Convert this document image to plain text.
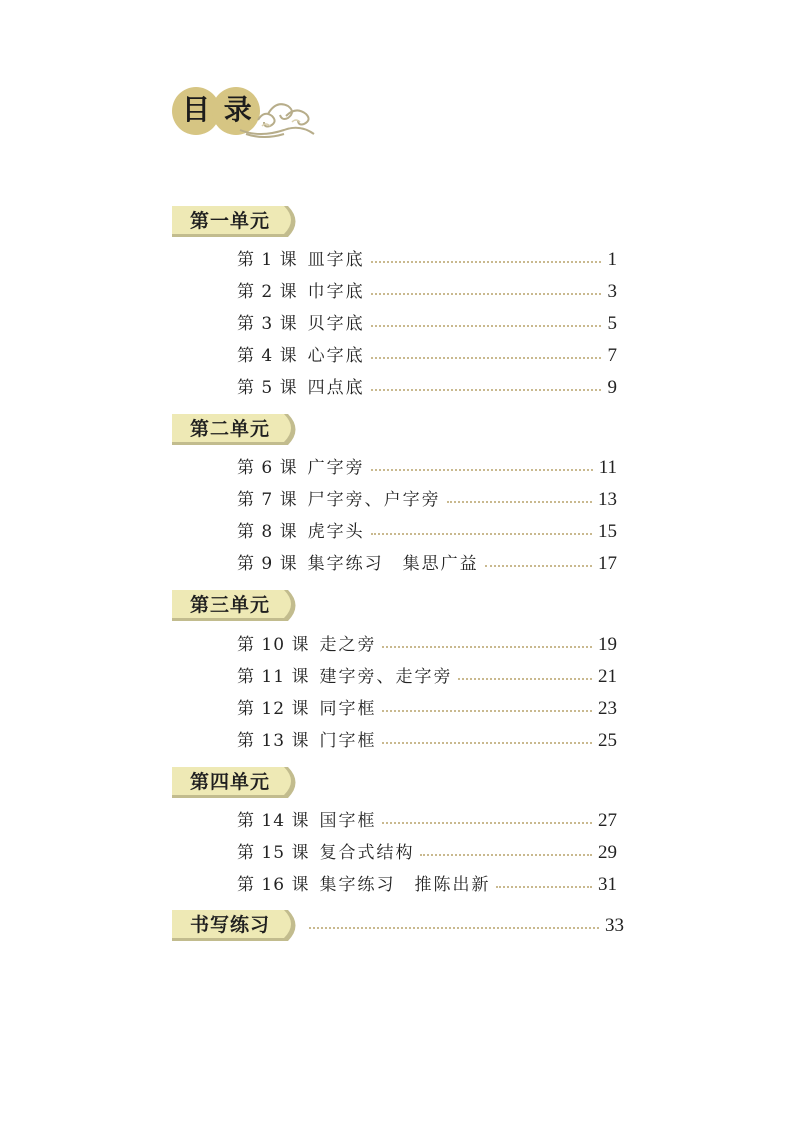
目 录
第一单元
第 1 课 皿字底	1
第 2 课 巾字底	3
第 3 课 贝字底	5
第 4 课 心字底	7
第 5 课 四点底	9
第二单元
第 6 课 广字旁	11
第 7 课 尸字旁、户字旁	13
第 8 课 虎字头	15
第 9 课 集字练习　集思广益	17
第三单元
第 10 课 走之旁	19
第 11 课 建字旁、走字旁	21
第 12 课 同字框	23
第 13 课 门字框	25
第四单元
第 14 课 国字框	27
第 15 课 复合式结构	29
第 16 课 集字练习　推陈出新	31
书写练习	33
